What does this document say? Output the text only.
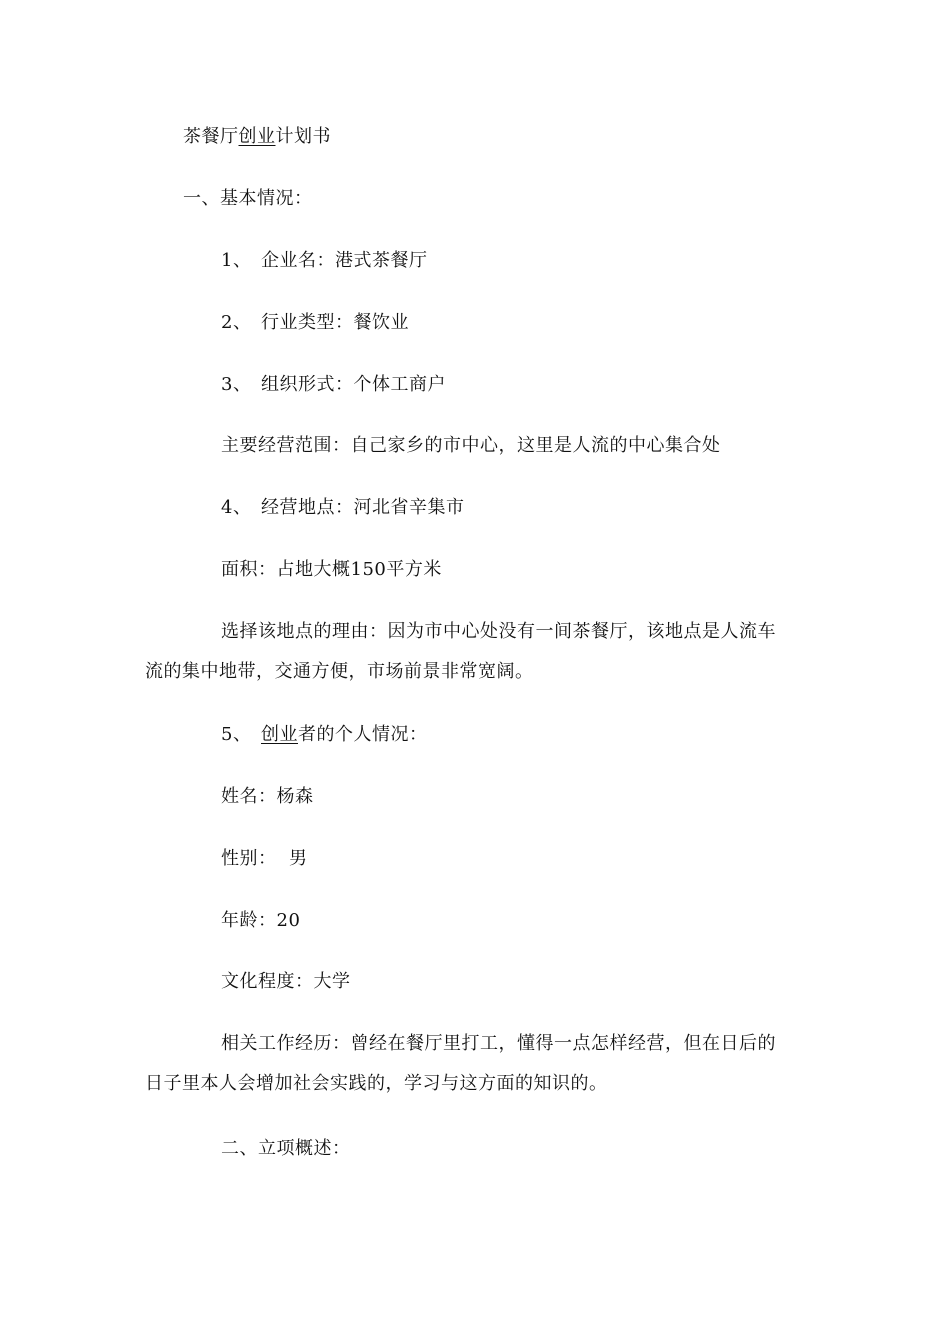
茶餐厅创业计划书
一、基本情况：
1、 企业名：港式茶餐厅
2、 行业类型：餐饮业
3、 组织形式：个体工商户
主要经营范围：自己家乡的市中心，这里是人流的中心集合处
4、 经营地点：河北省辛集市
面积：占地大概150平方米
选择该地点的理由：因为市中心处没有一间茶餐厅，该地点是人流车
流的集中地带，交通方便，市场前景非常宽阔。
5、 创业者的个人情况：
姓名：杨森
性别：  男
年龄：20
文化程度：大学
相关工作经历：曾经在餐厅里打工，懂得一点怎样经营，但在日后的
日子里本人会增加社会实践的，学习与这方面的知识的。
二、立项概述：
